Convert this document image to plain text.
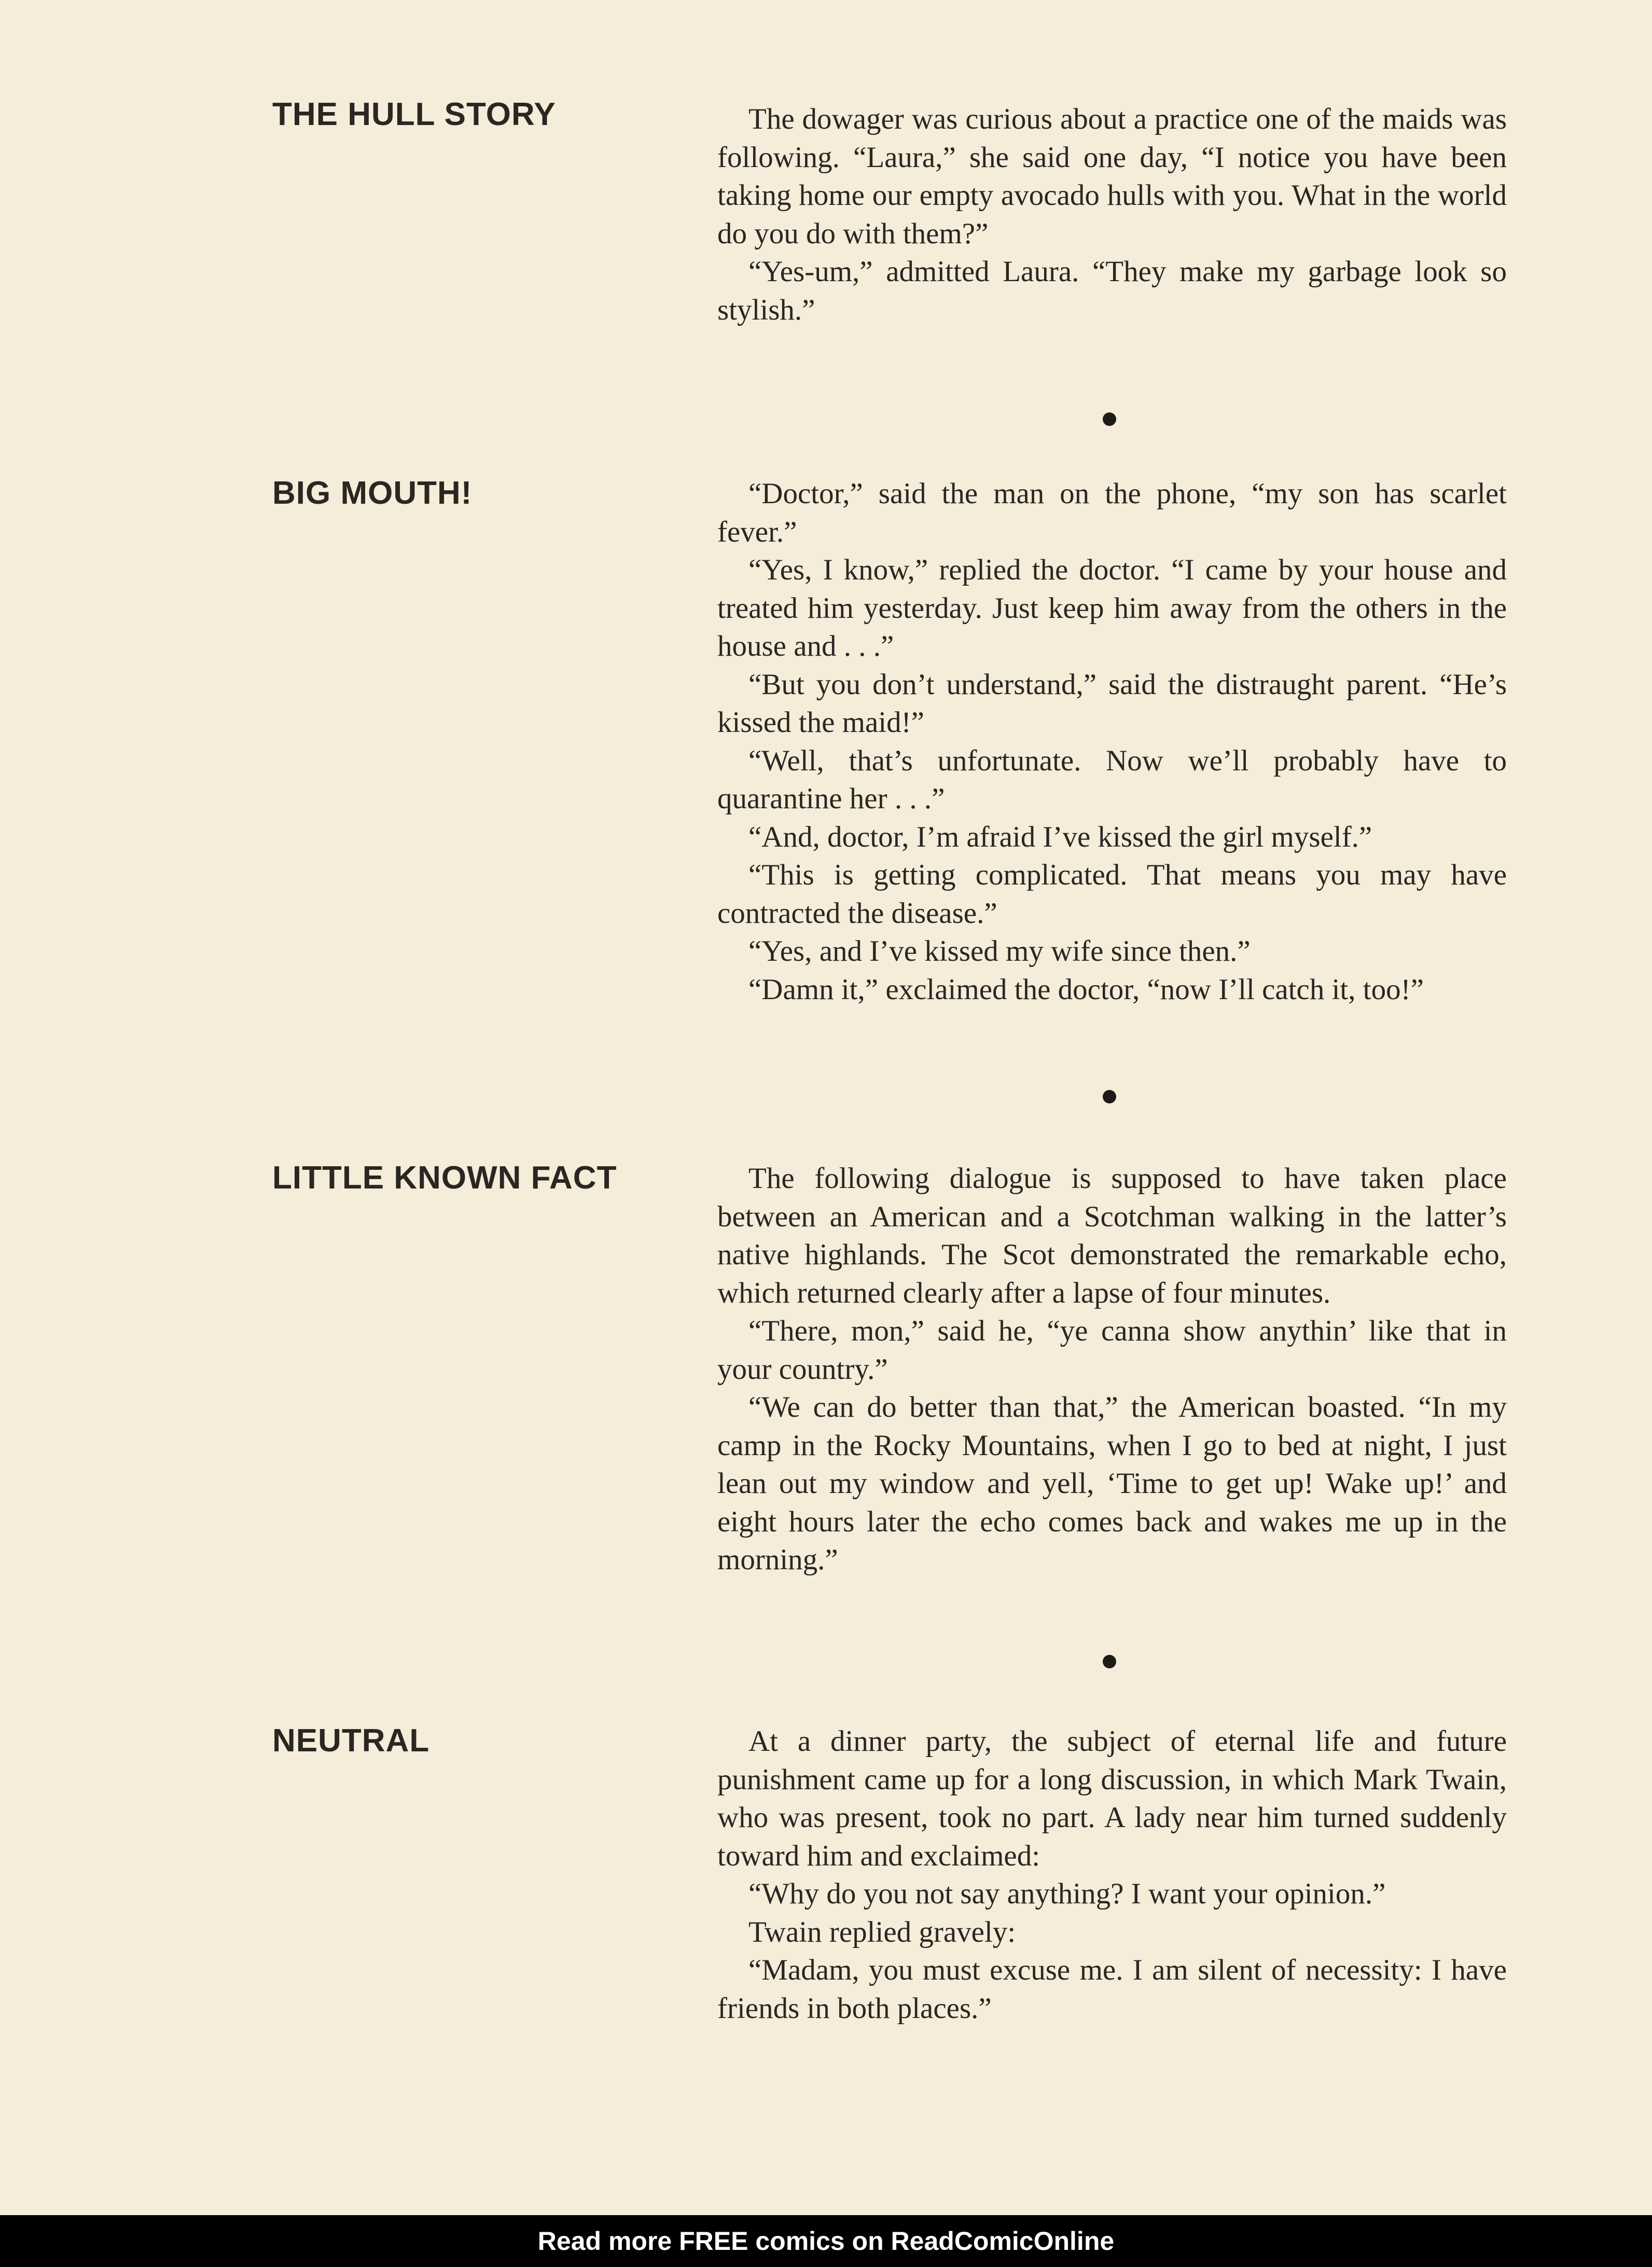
THE HULL STORY	The dowager was curious about a practice one of the maids was following. “Laura,” she said one day, “I notice you have been taking home our empty avocado hulls with you. What in the world do you do with them?”

“Yes-um,” admitted Laura. “They make my garbage look so stylish.”

BIG MOUTH!	“Doctor,” said the man on the phone, “my son has scarlet fever.”

“Yes, I know,” replied the doctor. “I came by your house and treated him yesterday. Just keep him away from the others in the house and . . .”

“But you don’t understand,” said the distraught parent. “He’s kissed the maid!”

“Well, that’s unfortunate. Now we’ll probably have to quarantine her . . .”

“And, doctor, I’m afraid I’ve kissed the girl myself.”

“This is getting complicated. That means you may have contracted the disease.”

“Yes, and I’ve kissed my wife since then.”

“Damn it,” exclaimed the doctor, “now I’ll catch it, too!”

LITTLE KNOWN FACT	The following dialogue is supposed to have taken place between an American and a Scotchman walking in the latter’s native highlands. The Scot demonstrated the remarkable echo, which returned clearly after a lapse of four minutes.

“There, mon,” said he, “ye canna show anythin’ like that in your country.”

“We can do better than that,” the American boasted. “In my camp in the Rocky Mountains, when I go to bed at night, I just lean out my window and yell, ‘Time to get up! Wake up!’ and eight hours later the echo comes back and wakes me up in the morning.”

NEUTRAL	At a dinner party, the subject of eternal life and future punishment came up for a long discussion, in which Mark Twain, who was present, took no part. A lady near him turned suddenly toward him and exclaimed:

“Why do you not say anything? I want your opinion.”

Twain replied gravely:

“Madam, you must excuse me. I am silent of necessity: I have friends in both places.”

Read more FREE comics on ReadComicOnline
